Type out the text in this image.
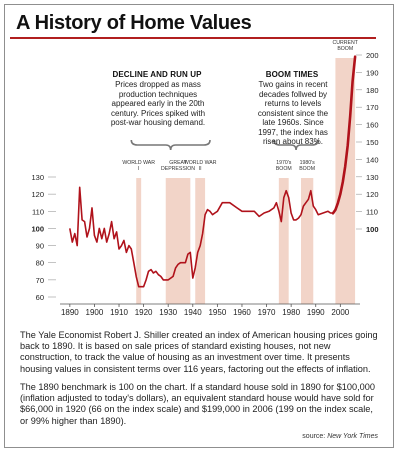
A History of Home Values
WORLD WAR I
GREAT DEPRESSION
WORLD WAR II
1970's BOOM
1980's BOOM
CURRENT BOOM
1890 1900 1910 1920 1930 1940 1950 1960 1970 1980 1990 2000
130
120
110
100
90
80
70
60
200
190
180
170
160
150
140
130
120
110
100
DECLINE AND RUN UP
Prices dropped as mass production techniques appeared early in the 20th century. Prices spiked with post-war housing demand.
BOOM TIMES
Two gains in recent decades follwed by returns to levels consistent since the late 1960s. Since 1997, the index has risen about 83%.
The Yale Economist Robert J. Shiller created an index of American housing prices going back to 1890. It is based on sale prices of standard existing houses, not new construction, to track the value of housing as an investment over time. It presents housing values in consistent terms over 116 years, factoring out the effects of inflation.
The 1890 benchmark is 100 on the chart. If a standard house sold in 1890 for $100,000 (inflation adjusted to today's dollars), an equivalent standard house would have sold for $66,000 in 1920 (66 on the index scale) and $199,000 in 2006 (199 on the index scale, or 99% higher than 1890).
source: New York Times
